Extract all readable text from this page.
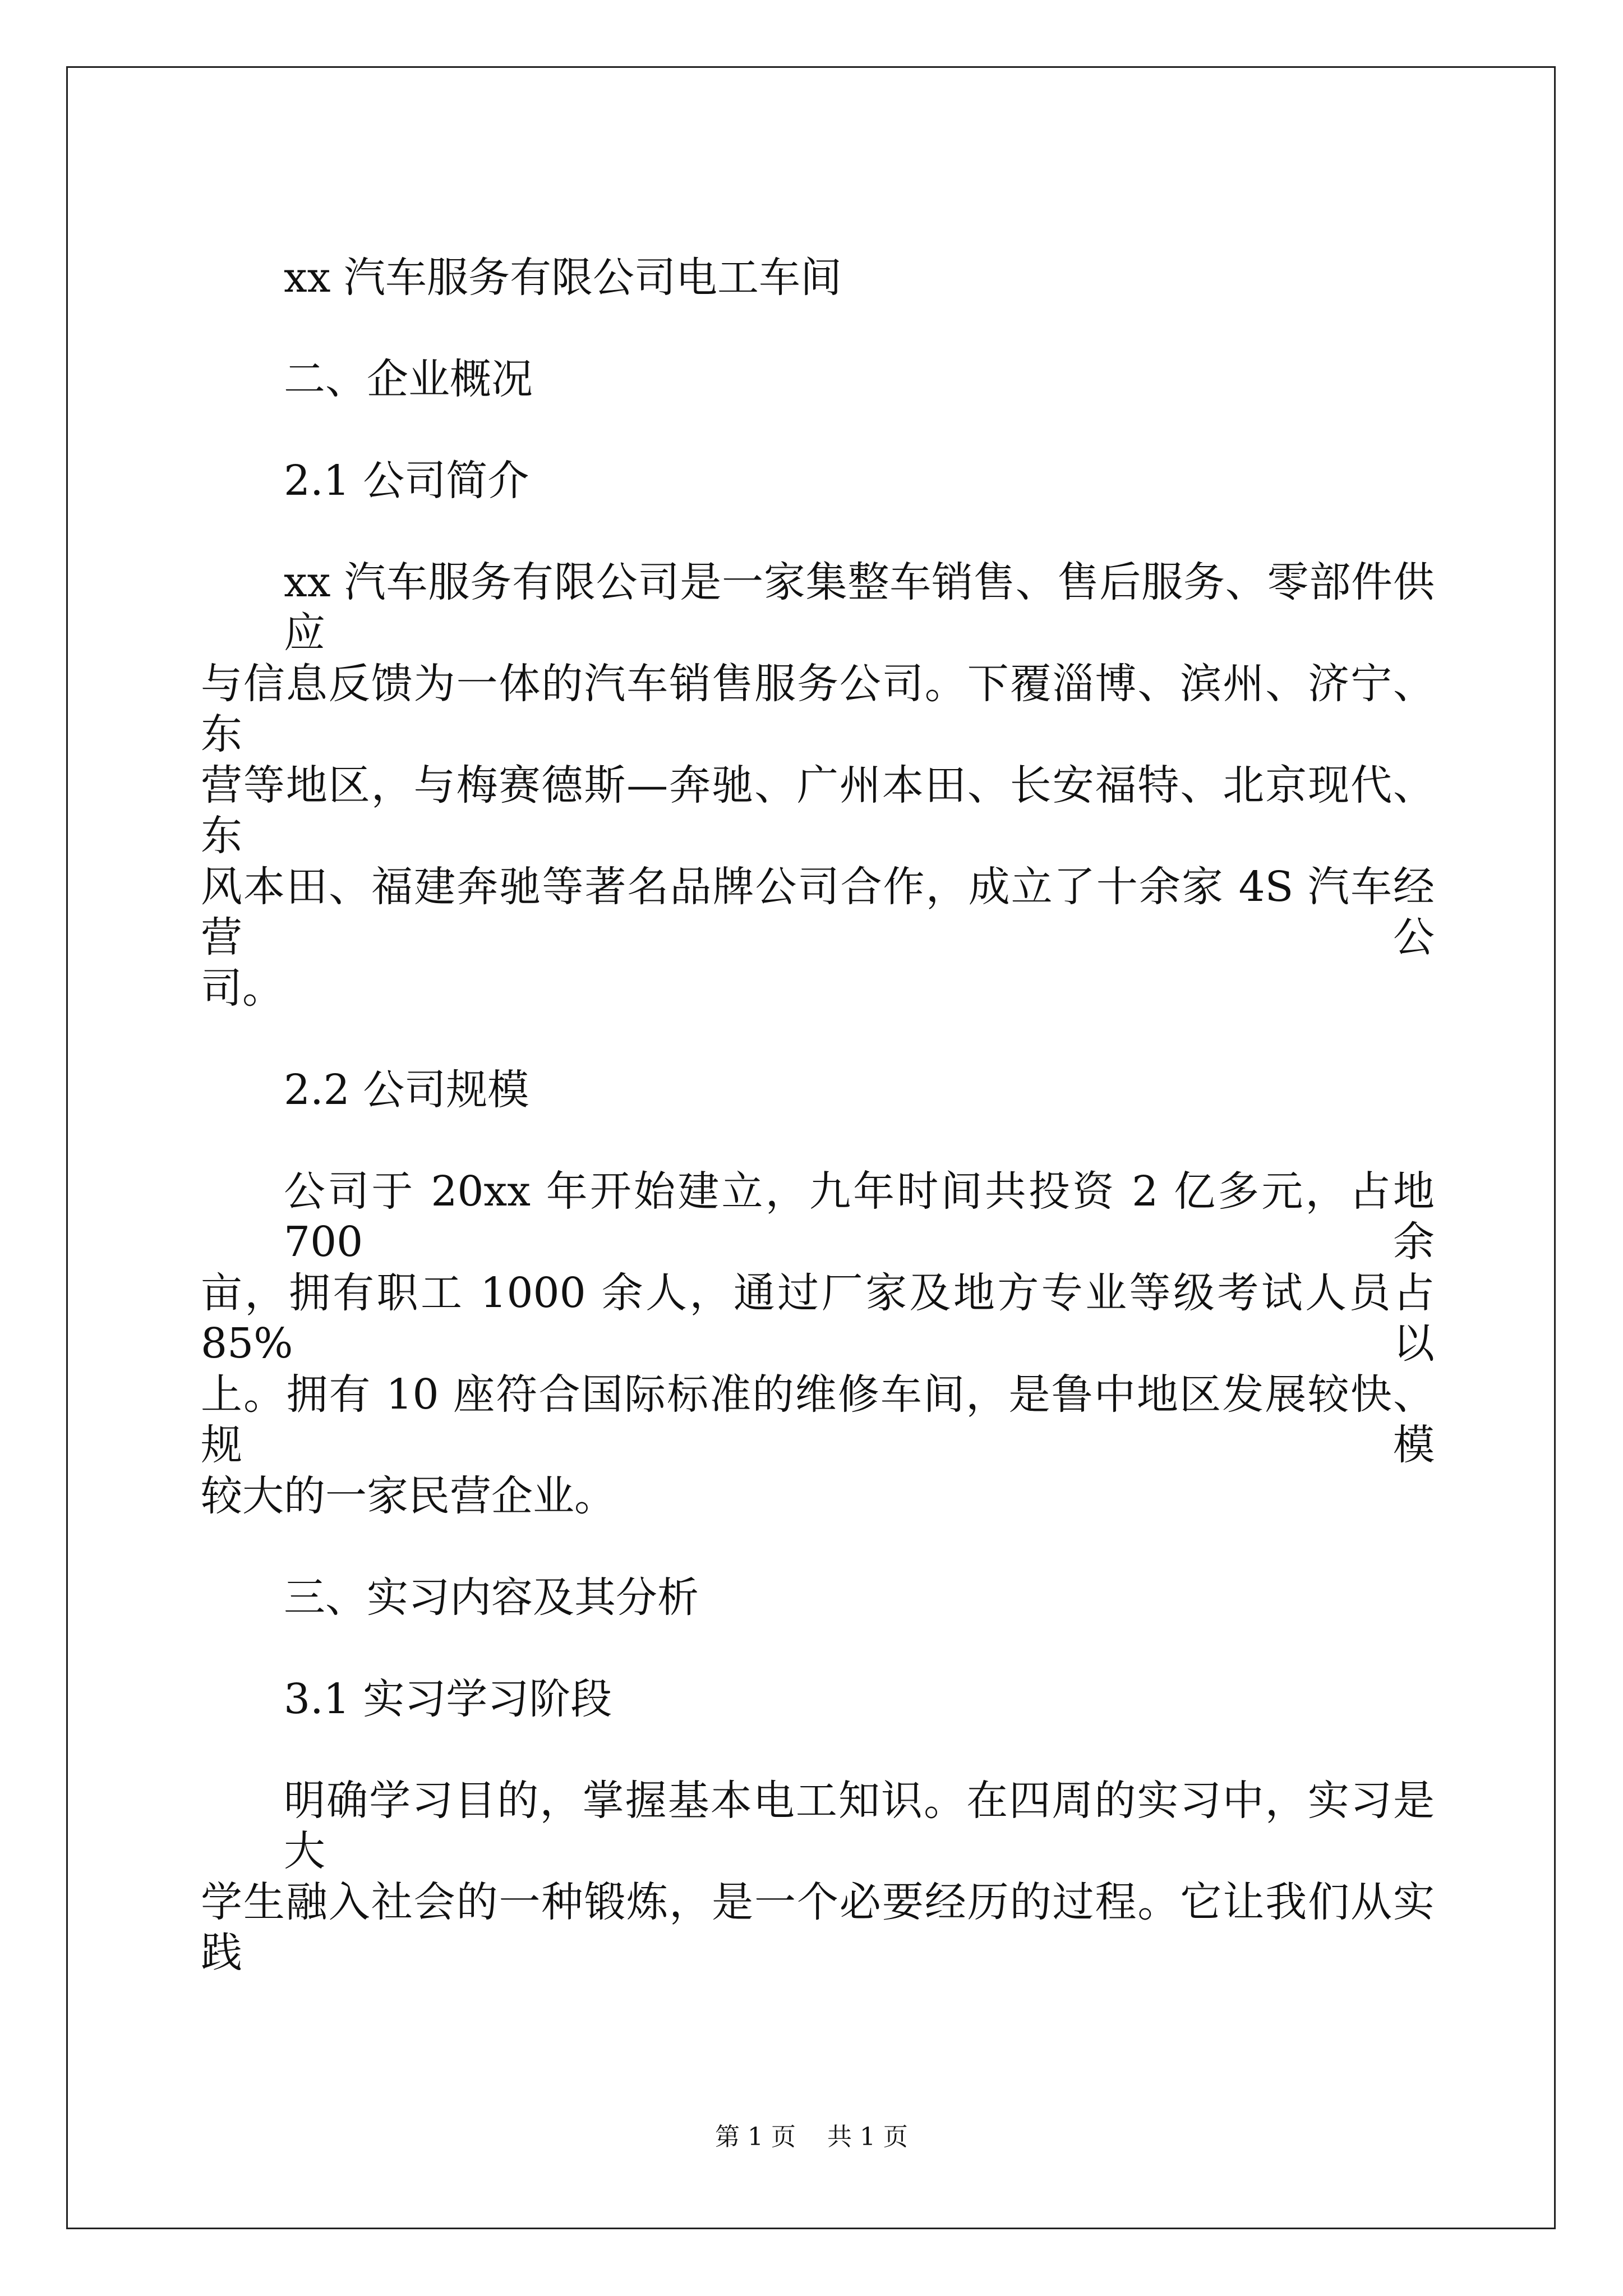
xx 汽车服务有限公司电工车间
二、企业概况
2.1 公司简介
xx 汽车服务有限公司是一家集整车销售、售后服务、零部件供应
与信息反馈为一体的汽车销售服务公司。下覆淄博、滨州、济宁、东
营等地区，与梅赛德斯—奔驰、广州本田、长安福特、北京现代、东
风本田、福建奔驰等著名品牌公司合作，成立了十余家 4S 汽车经营公
司。
2.2 公司规模
公司于 20xx 年开始建立，九年时间共投资 2 亿多元，占地 700 余
亩，拥有职工 1000 余人，通过厂家及地方专业等级考试人员占 85%以
上。拥有 10 座符合国际标准的维修车间，是鲁中地区发展较快、规模
较大的一家民营企业。
三、实习内容及其分析
3.1 实习学习阶段
明确学习目的，掌握基本电工知识。在四周的实习中，实习是大
学生融入社会的一种锻炼，是一个必要经历的过程。它让我们从实践
第 1 页    共 1 页
